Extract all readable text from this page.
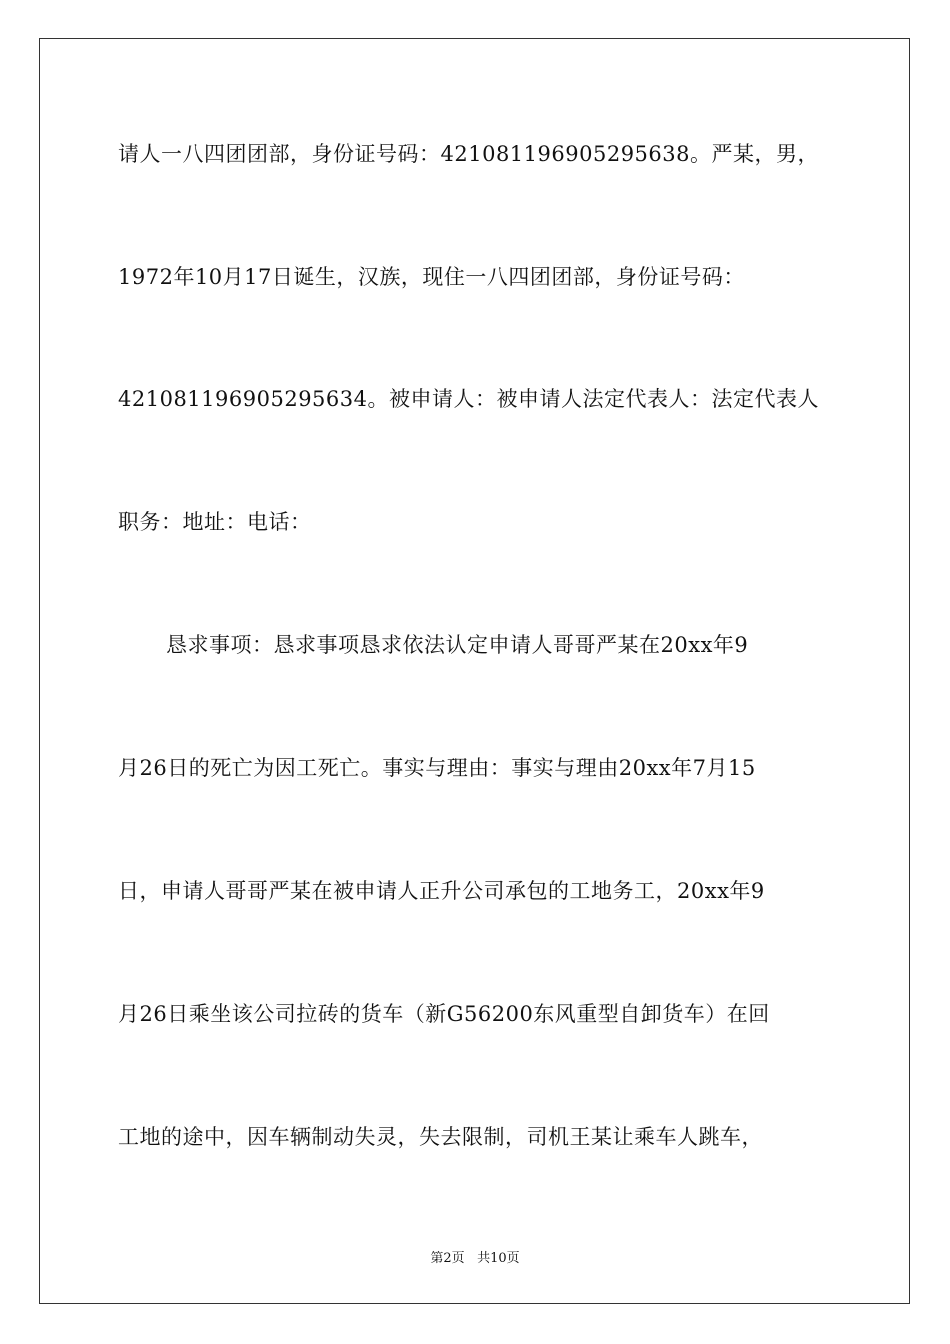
请人一八四团团部，身份证号码：421081196905295638。严某，男，
1972年10月17日诞生，汉族，现住一八四团团部，身份证号码：
421081196905295634。被申请人：被申请人法定代表人：法定代表人
职务：地址：电话：
恳求事项：恳求事项恳求依法认定申请人哥哥严某在20xx年9
月26日的死亡为因工死亡。事实与理由：事实与理由20xx年7月15
日，申请人哥哥严某在被申请人正升公司承包的工地务工，20xx年9
月26日乘坐该公司拉砖的货车（新G56200东风重型自卸货车）在回
工地的途中，因车辆制动失灵，失去限制，司机王某让乘车人跳车，
第2页 共10页
